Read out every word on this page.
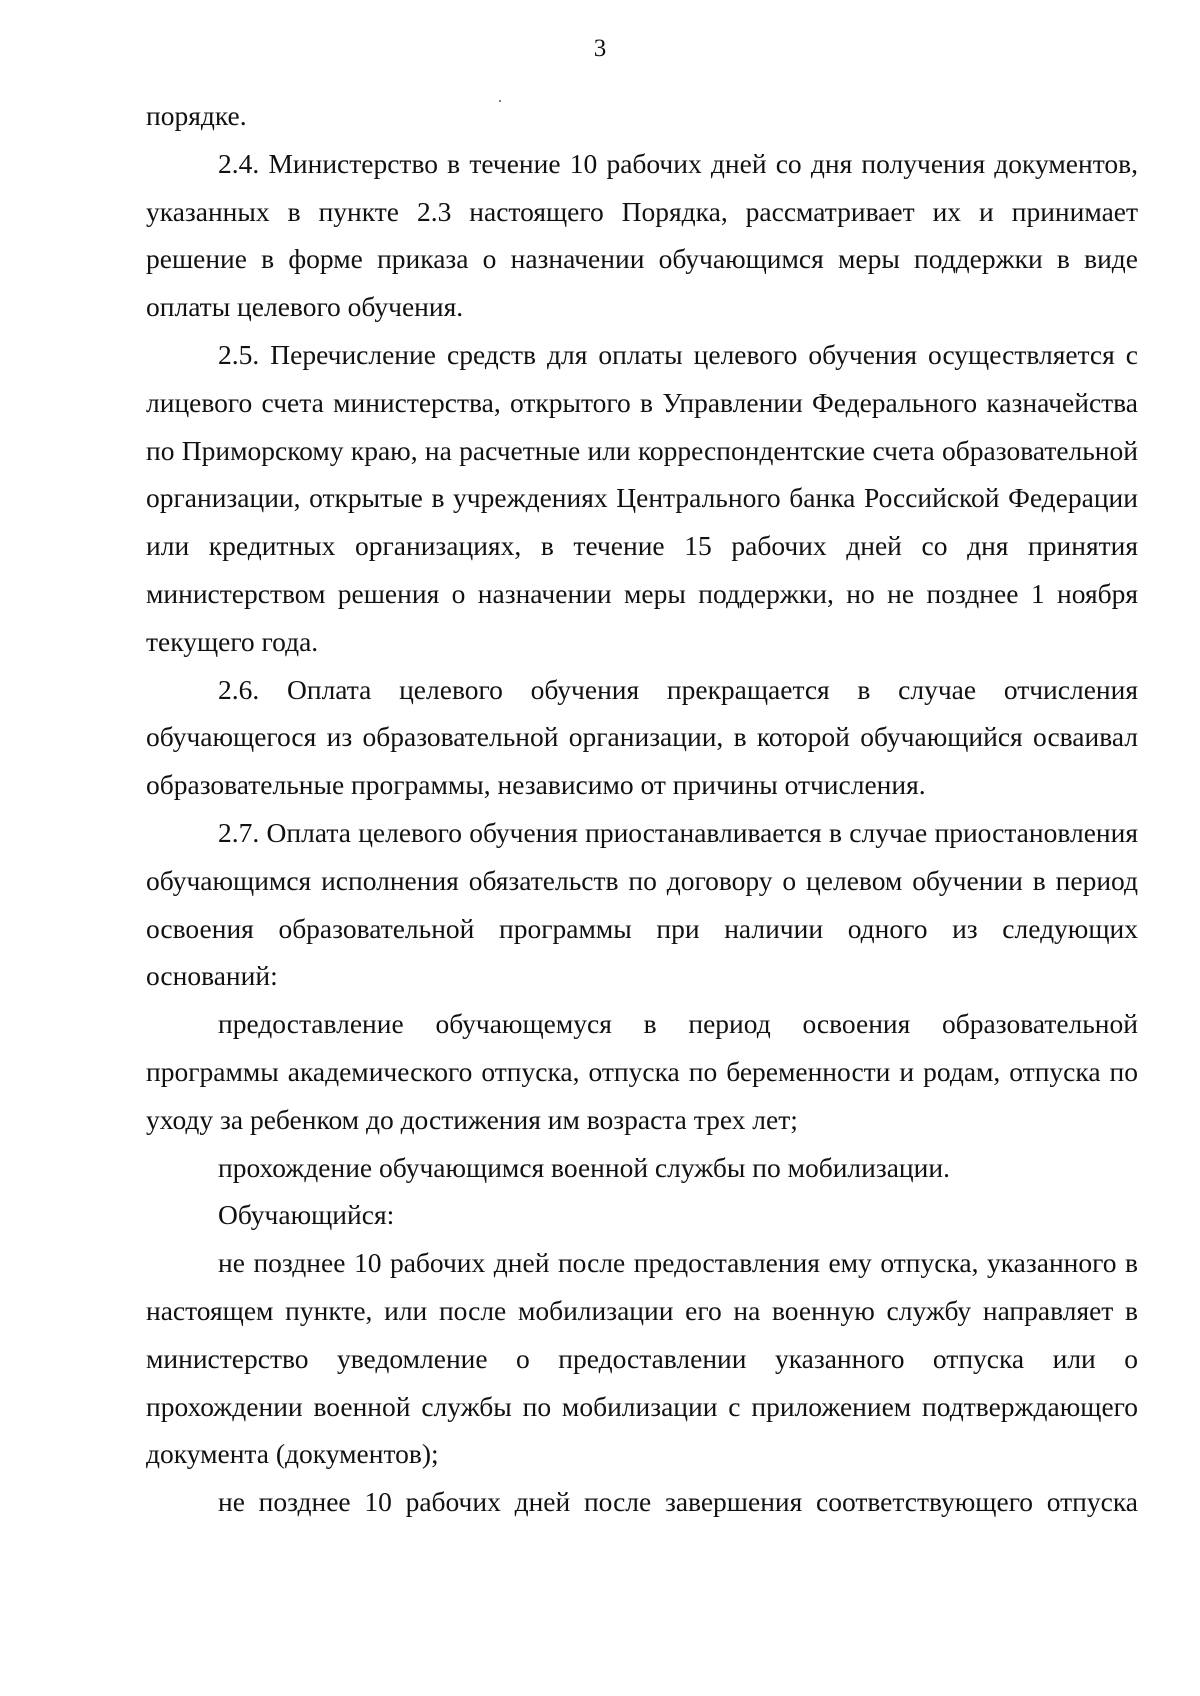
3

порядке.

2.4. Министерство в течение 10 рабочих дней со дня получения документов, указанных в пункте 2.3 настоящего Порядка, рассматривает их и принимает решение в форме приказа о назначении обучающимся меры поддержки в виде оплаты целевого обучения.

2.5. Перечисление средств для оплаты целевого обучения осуществляется с лицевого счета министерства, открытого в Управлении Федерального казначейства по Приморскому краю, на расчетные или корреспондентские счета образовательной организации, открытые в учреждениях Центрального банка Российской Федерации или кредитных организациях, в течение 15 рабочих дней со дня принятия министерством решения о назначении меры поддержки, но не позднее 1 ноября текущего года.

2.6. Оплата целевого обучения прекращается в случае отчисления обучающегося из образовательной организации, в которой обучающийся осваивал образовательные программы, независимо от причины отчисления.

2.7. Оплата целевого обучения приостанавливается в случае приостановления обучающимся исполнения обязательств по договору о целевом обучении в период освоения образовательной программы при наличии одного из следующих оснований:

предоставление обучающемуся в период освоения образовательной программы академического отпуска, отпуска по беременности и родам, отпуска по уходу за ребенком до достижения им возраста трех лет;

прохождение обучающимся военной службы по мобилизации.

Обучающийся:

не позднее 10 рабочих дней после предоставления ему отпуска, указанного в настоящем пункте, или после мобилизации его на военную службу направляет в министерство уведомление о предоставлении указанного отпуска или о прохождении военной службы по мобилизации с приложением подтверждающего документа (документов);

не позднее 10 рабочих дней после завершения соответствующего отпуска
